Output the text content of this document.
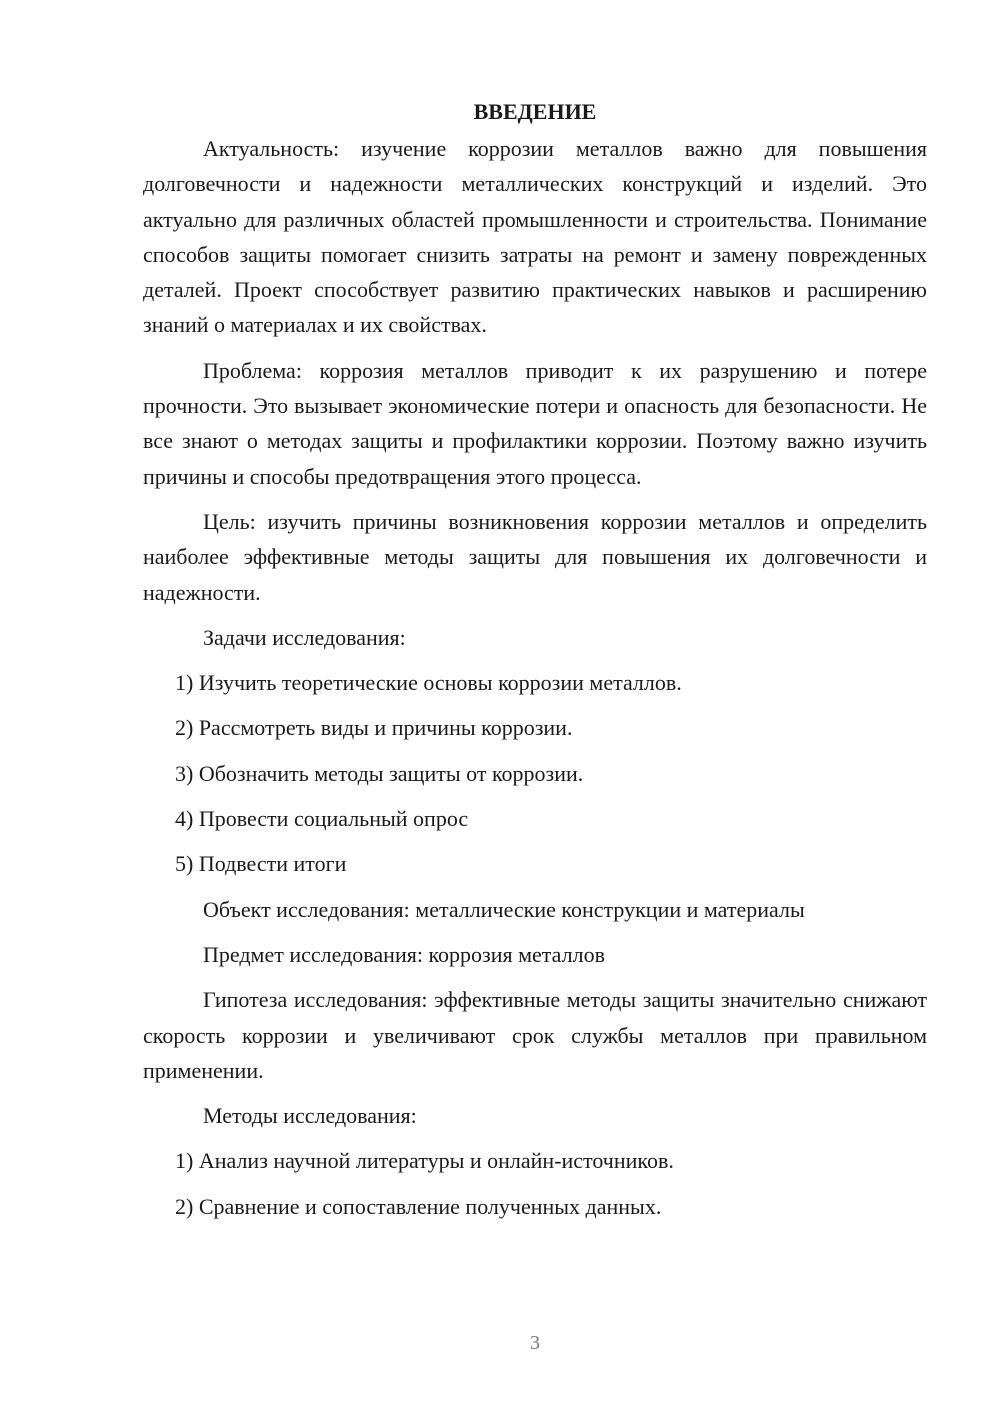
ВВЕДЕНИЕ

Актуальность: изучение коррозии металлов важно для повышения долговечности и надежности металлических конструкций и изделий. Это актуально для различных областей промышленности и строительства. Понимание способов защиты помогает снизить затраты на ремонт и замену поврежденных деталей. Проект способствует развитию практических навыков и расширению знаний о материалах и их свойствах.

Проблема: коррозия металлов приводит к их разрушению и потере прочности. Это вызывает экономические потери и опасность для безопасности. Не все знают о методах защиты и профилактики коррозии. Поэтому важно изучить причины и способы предотвращения этого процесса.

Цель: изучить причины возникновения коррозии металлов и определить наиболее эффективные методы защиты для повышения их долговечности и надежности.

Задачи исследования:

1) Изучить теоретические основы коррозии металлов.

2) Рассмотреть виды и причины коррозии.

3) Обозначить методы защиты от коррозии.

4) Провести социальный опрос

5) Подвести итоги

Объект исследования: металлические конструкции и материалы

Предмет исследования: коррозия металлов

Гипотеза исследования: эффективные методы защиты значительно снижают скорость коррозии и увеличивают срок службы металлов при правильном применении.

Методы исследования:

1) Анализ научной литературы и онлайн-источников.

2) Сравнение и сопоставление полученных данных.

3
